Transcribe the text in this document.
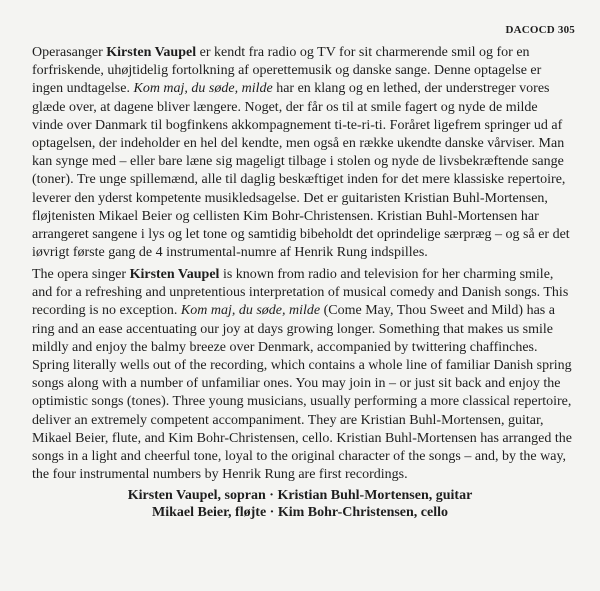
DACOCD 305

Operasanger Kirsten Vaupel er kendt fra radio og TV for sit charmerende smil og for en forfriskende, uhøjtidelig fortolkning af operettemusik og danske sange. Denne optagelse er ingen undtagelse. Kom maj, du søde, milde har en klang og en lethed, der understreger vores glæde over, at dagene bliver længere. Noget, der får os til at smile fagert og nyde de milde vinde over Danmark til bogfinkens akkompagnement ti-te-ri-ti. Foråret ligefrem springer ud af optagelsen, der indeholder en hel del kendte, men også en række ukendte danske vårviser. Man kan synge med – eller bare læne sig mageligt tilbage i stolen og nyde de livsbekræftende sange (toner). Tre unge spillemænd, alle til daglig beskæftiget inden for det mere klassiske repertoire, leverer den yderst kompetente musikledsagelse. Det er guitaristen Kristian Buhl-Mortensen, fløjtenisten Mikael Beier og cellisten Kim Bohr-Christensen. Kristian Buhl-Mortensen har arrangeret sangene i lys og let tone og samtidig bibeholdt det oprindelige særpræg – og så er det iøvrigt første gang de 4 instrumental-numre af Henrik Rung indspilles.

The opera singer Kirsten Vaupel is known from radio and television for her charming smile, and for a refreshing and unpretentious interpretation of musical comedy and Danish songs. This recording is no exception. Kom maj, du søde, milde (Come May, Thou Sweet and Mild) has a ring and an ease accentuating our joy at days growing longer. Something that makes us smile mildly and enjoy the balmy breeze over Denmark, accompanied by twittering chaffinches. Spring literally wells out of the recording, which contains a whole line of familiar Danish spring songs along with a number of unfamiliar ones. You may join in – or just sit back and enjoy the optimistic songs (tones). Three young musicians, usually performing a more classical repertoire, deliver an extremely competent accompaniment. They are Kristian Buhl-Mortensen, guitar, Mikael Beier, flute, and Kim Bohr-Christensen, cello. Kristian Buhl-Mortensen has arranged the songs in a light and cheerful tone, loyal to the original character of the songs – and, by the way, the four instrumental numbers by Henrik Rung are first recordings.

Kirsten Vaupel, sopran · Kristian Buhl-Mortensen, guitar
Mikael Beier, fløjte · Kim Bohr-Christensen, cello
